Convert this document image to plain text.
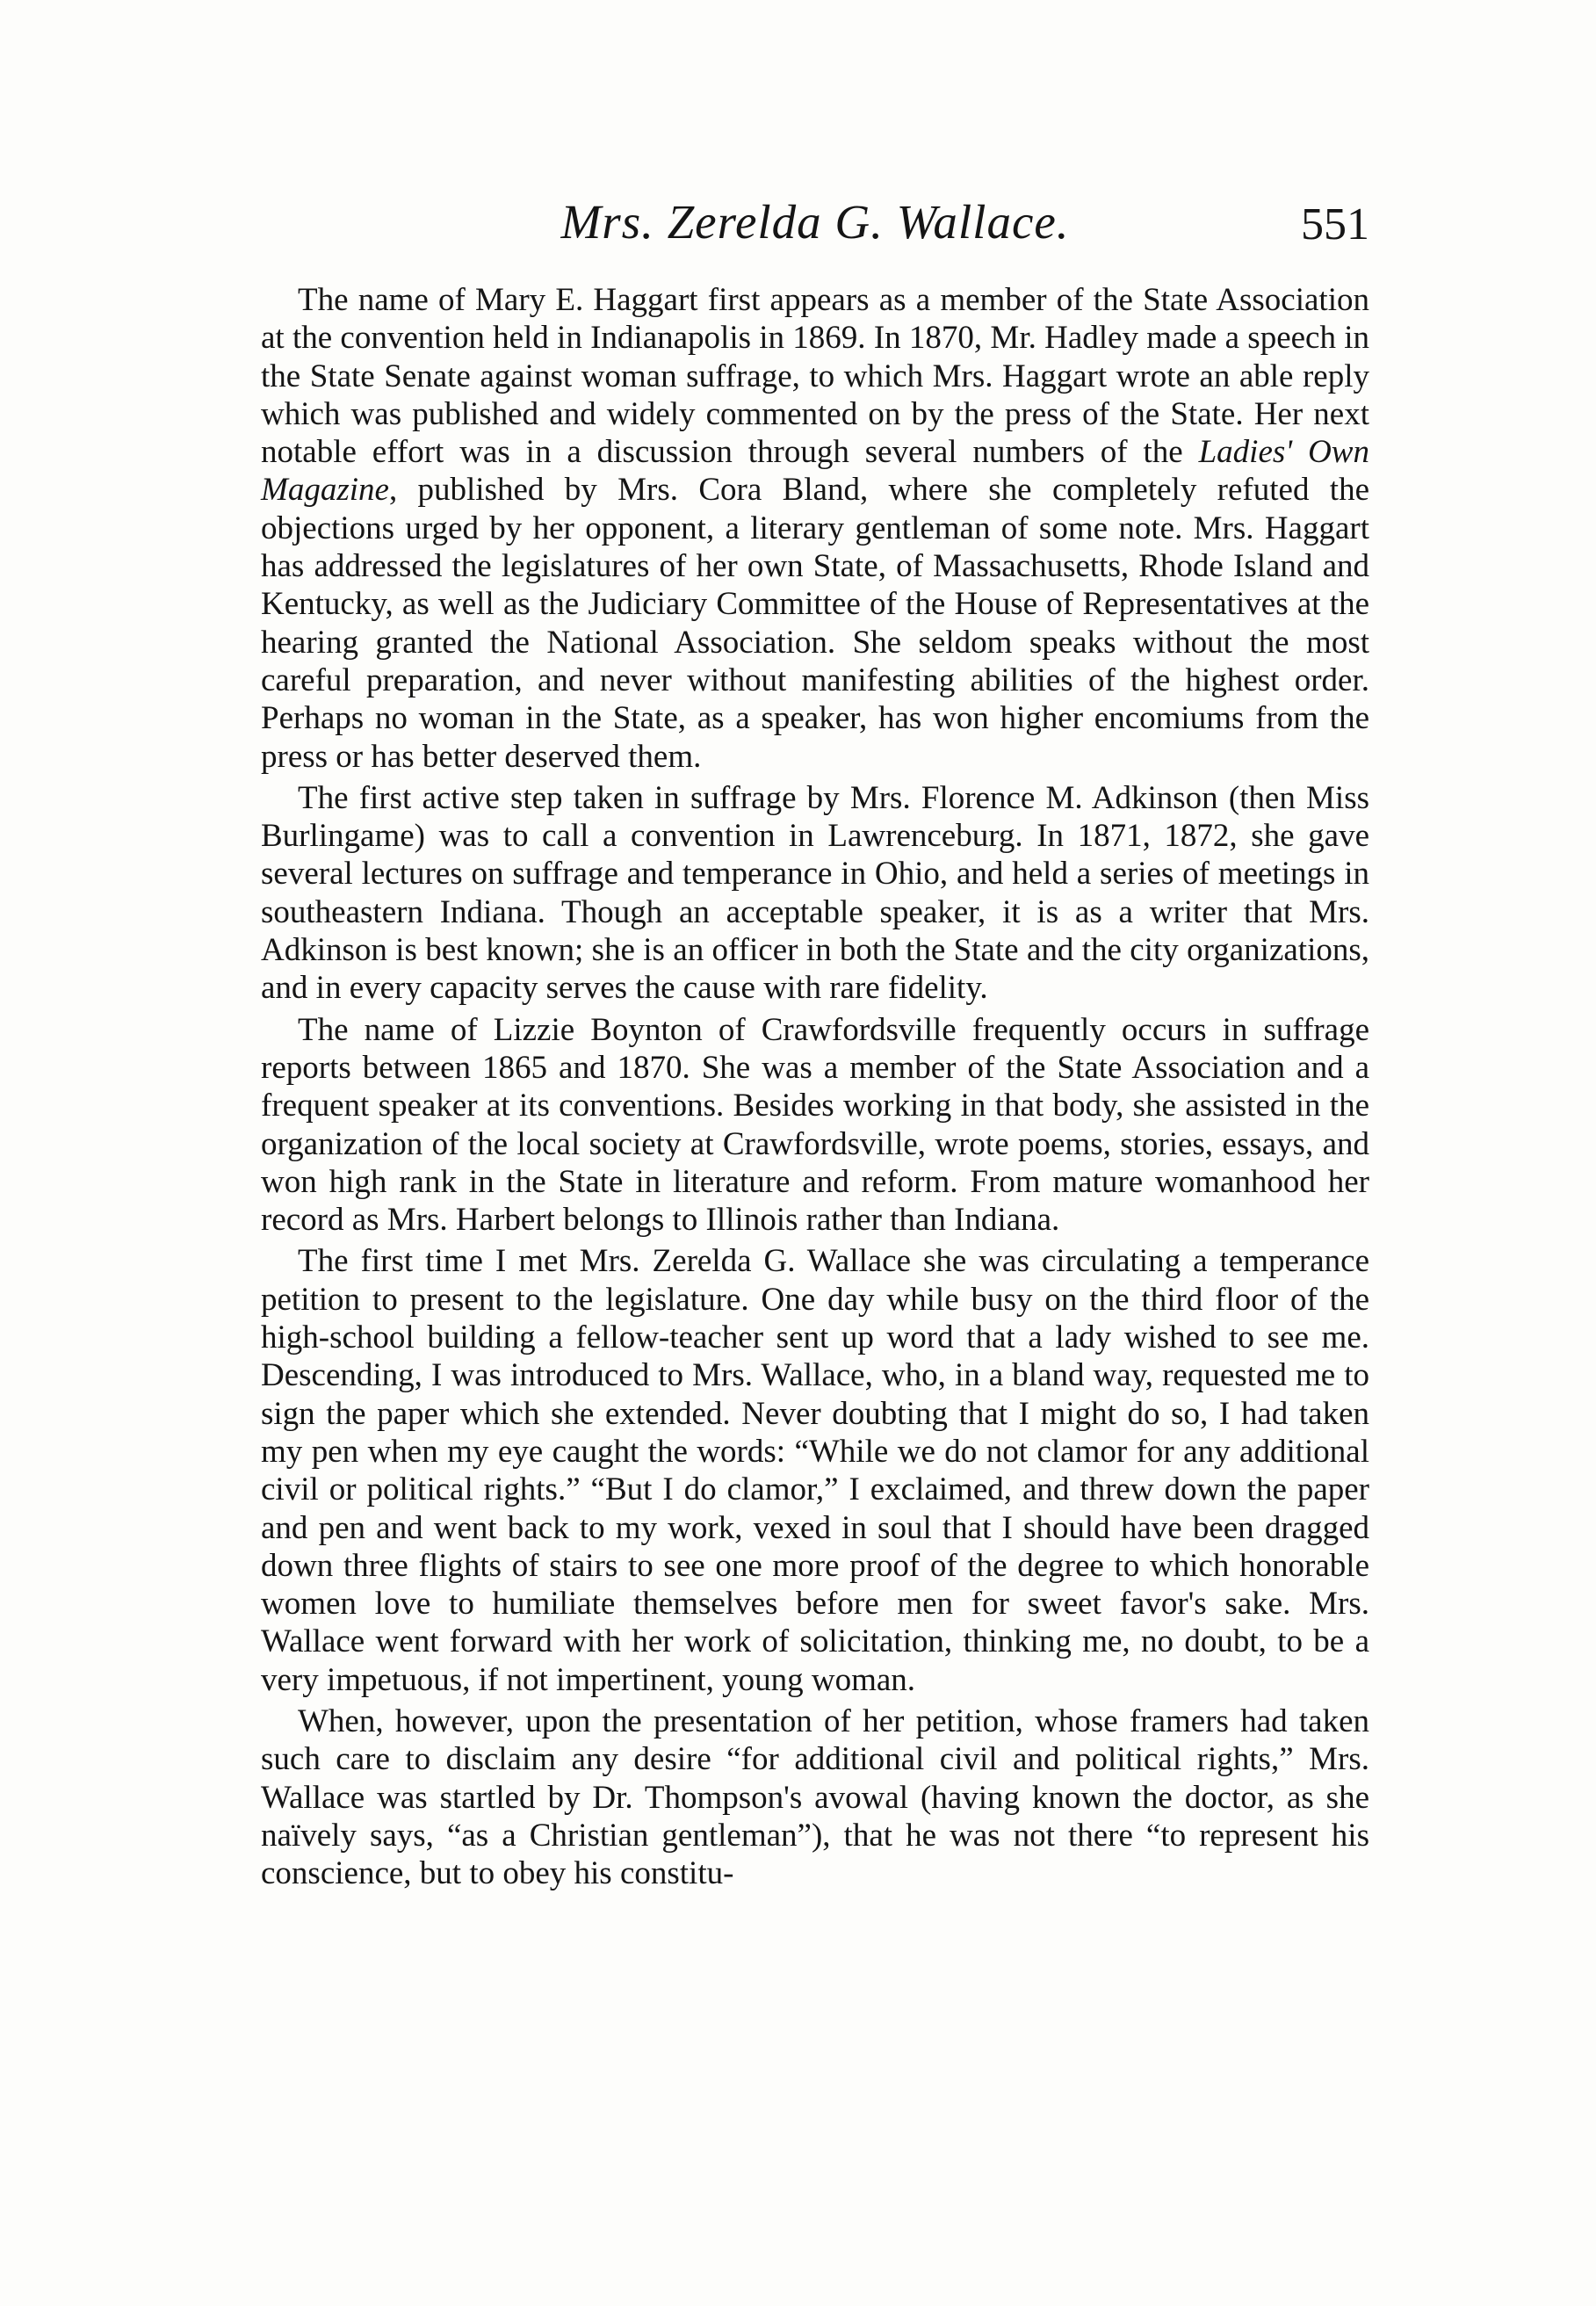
Mrs. Zerelda G. Wallace.	551

The name of Mary E. Haggart first appears as a member of the State Association at the convention held in Indianapolis in 1869. In 1870, Mr. Hadley made a speech in the State Senate against woman suffrage, to which Mrs. Haggart wrote an able reply which was published and widely commented on by the press of the State. Her next notable effort was in a discussion through several numbers of the Ladies' Own Magazine, published by Mrs. Cora Bland, where she completely refuted the objections urged by her opponent, a literary gentleman of some note. Mrs. Haggart has addressed the legislatures of her own State, of Massachusetts, Rhode Island and Kentucky, as well as the Judiciary Committee of the House of Representatives at the hearing granted the National Association. She seldom speaks without the most careful preparation, and never without manifesting abilities of the highest order. Perhaps no woman in the State, as a speaker, has won higher encomiums from the press or has better deserved them.

The first active step taken in suffrage by Mrs. Florence M. Adkinson (then Miss Burlingame) was to call a convention in Lawrenceburg. In 1871, 1872, she gave several lectures on suffrage and temperance in Ohio, and held a series of meetings in southeastern Indiana. Though an acceptable speaker, it is as a writer that Mrs. Adkinson is best known; she is an officer in both the State and the city organizations, and in every capacity serves the cause with rare fidelity.

The name of Lizzie Boynton of Crawfordsville frequently occurs in suffrage reports between 1865 and 1870. She was a member of the State Association and a frequent speaker at its conventions. Besides working in that body, she assisted in the organization of the local society at Crawfordsville, wrote poems, stories, essays, and won high rank in the State in literature and reform. From mature womanhood her record as Mrs. Harbert belongs to Illinois rather than Indiana.

The first time I met Mrs. Zerelda G. Wallace she was circulating a temperance petition to present to the legislature. One day while busy on the third floor of the high-school building a fellow-teacher sent up word that a lady wished to see me. Descending, I was introduced to Mrs. Wallace, who, in a bland way, requested me to sign the paper which she extended. Never doubting that I might do so, I had taken my pen when my eye caught the words: “While we do not clamor for any additional civil or political rights.” “But I do clamor,” I exclaimed, and threw down the paper and pen and went back to my work, vexed in soul that I should have been dragged down three flights of stairs to see one more proof of the degree to which honorable women love to humiliate themselves before men for sweet favor's sake. Mrs. Wallace went forward with her work of solicitation, thinking me, no doubt, to be a very impetuous, if not impertinent, young woman.

When, however, upon the presentation of her petition, whose framers had taken such care to disclaim any desire “for additional civil and political rights,” Mrs. Wallace was startled by Dr. Thompson's avowal (having known the doctor, as she naïvely says, “as a Christian gentleman”), that he was not there “to represent his conscience, but to obey his constitu-
